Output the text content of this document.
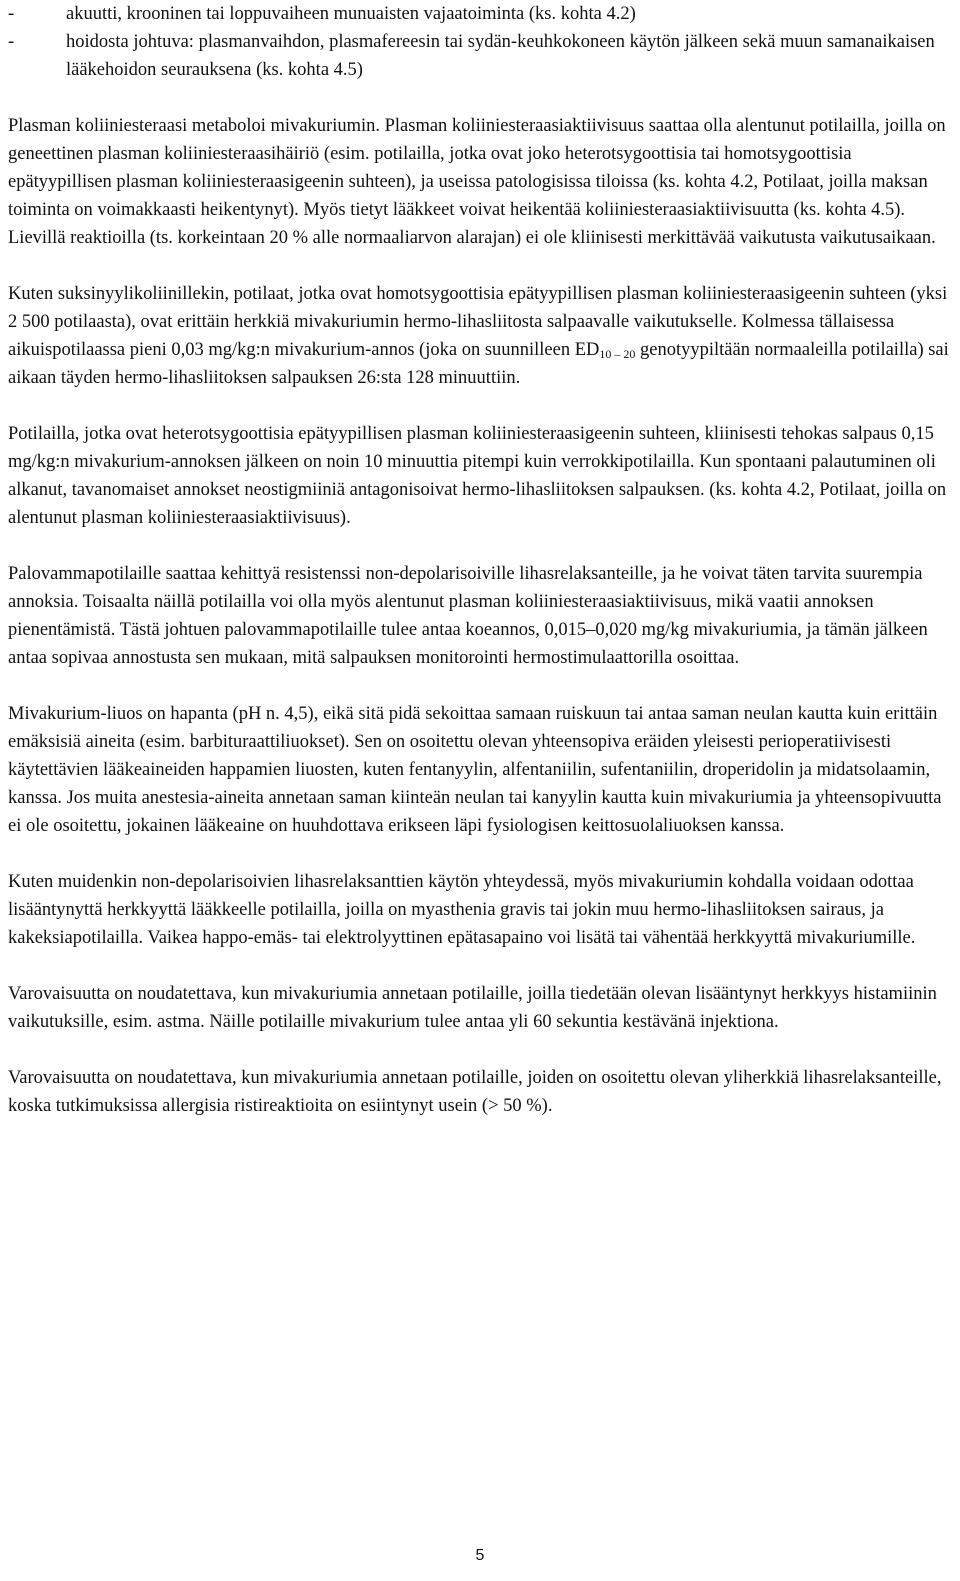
-	akuutti, krooninen tai loppuvaiheen munuaisten vajaatoiminta (ks. kohta 4.2)
-	hoidosta johtuva: plasmanvaihdon, plasmafereesin tai sydän-keuhkokoneen käytön jälkeen sekä muun samanaikaisen lääkehoidon seurauksena (ks. kohta 4.5)

Plasman koliiniesteraasi metaboloi mivakuriumin. Plasman koliiniesteraasiaktiivisuus saattaa olla alentunut potilailla, joilla on geneettinen plasman koliiniesteraasihäiriö (esim. potilailla, jotka ovat joko heterotsygoottisia tai homotsygoottisia epätyypillisen plasman koliiniesteraasigeenin suhteen), ja useissa patologisissa tiloissa (ks. kohta 4.2, Potilaat, joilla maksan toiminta on voimakkaasti heikentynyt). Myös tietyt lääkkeet voivat heikentää koliiniesteraasiaktiivisuutta (ks. kohta 4.5). Lievillä reaktioilla (ts. korkeintaan 20 % alle normaaliarvon alarajan) ei ole kliinisesti merkittävää vaikutusta vaikutusaikaan.

Kuten suksinyylikoliinillekin, potilaat, jotka ovat homotsygoottisia epätyypillisen plasman koliiniesteraasigeenin suhteen (yksi 2 500 potilaasta), ovat erittäin herkkiä mivakuriumin hermo-lihasliitosta salpaavalle vaikutukselle. Kolmessa tällaisessa aikuispotilaassa pieni 0,03 mg/kg:n mivakurium-annos (joka on suunnilleen $ED_{10 - 20}$ genotyypiltään normaaleilla potilailla) sai aikaan täyden hermo-lihasliitoksen salpauksen 26:sta 128 minuuttiin.

Potilailla, jotka ovat heterotsygoottisia epätyypillisen plasman koliiniesteraasigeenin suhteen, kliinisesti tehokas salpaus 0,15 mg/kg:n mivakurium-annoksen jälkeen on noin 10 minuuttia pitempi kuin verrokkipotilailla. Kun spontaani palautuminen oli alkanut, tavanomaiset annokset neostigmiiniä antagonisoivat hermo-lihasliitoksen salpauksen. (ks. kohta 4.2, Potilaat, joilla on alentunut plasman koliiniesteraasiaktiivisuus).

Palovammapotilaille saattaa kehittyä resistenssi non-depolarisoiville lihasrelaksanteille, ja he voivat täten tarvita suurempia annoksia. Toisaalta näillä potilailla voi olla myös alentunut plasman koliiniesteraasiaktiivisuus, mikä vaatii annoksen pienentämistä. Tästä johtuen palovammapotilaille tulee antaa koeannos, 0,015–0,020 mg/kg mivakuriumia, ja tämän jälkeen antaa sopivaa annostusta sen mukaan, mitä salpauksen monitorointi hermostimulaattorilla osoittaa.

Mivakurium-liuos on hapanta (pH n. 4,5), eikä sitä pidä sekoittaa samaan ruiskuun tai antaa saman neulan kautta kuin erittäin emäksisiä aineita (esim. barbituraattiliuokset). Sen on osoitettu olevan yhteensopiva eräiden yleisesti perioperatiivisesti käytettävien lääkeaineiden happamien liuosten, kuten fentanyylin, alfentaniilin, sufentaniilin, droperidolin ja midatsolaamin, kanssa. Jos muita anestesia-aineita annetaan saman kiinteän neulan tai kanyylin kautta kuin mivakuriumia ja yhteensopivuutta ei ole osoitettu, jokainen lääkeaine on huuhdottava erikseen läpi fysiologisen keittosuolaliuoksen kanssa.

Kuten muidenkin non-depolarisoivien lihasrelaksanttien käytön yhteydessä, myös mivakuriumin kohdalla voidaan odottaa lisääntynyttä herkkyyttä lääkkeelle potilailla, joilla on myasthenia gravis tai jokin muu hermo-lihasliitoksen sairaus, ja kakeksiapotilailla. Vaikea happo-emäs- tai elektrolyyttinen epätasapaino voi lisätä tai vähentää herkkyyttä mivakuriumille.

Varovaisuutta on noudatettava, kun mivakuriumia annetaan potilaille, joilla tiedetään olevan lisääntynyt herkkyys histamiinin vaikutuksille, esim. astma. Näille potilaille mivakurium tulee antaa yli 60 sekuntia kestävänä injektiona.

Varovaisuutta on noudatettava, kun mivakuriumia annetaan potilaille, joiden on osoitettu olevan yliherkkiä lihasrelaksanteille, koska tutkimuksissa allergisia ristireaktioita on esiintynyt usein (> 50 %).

5
